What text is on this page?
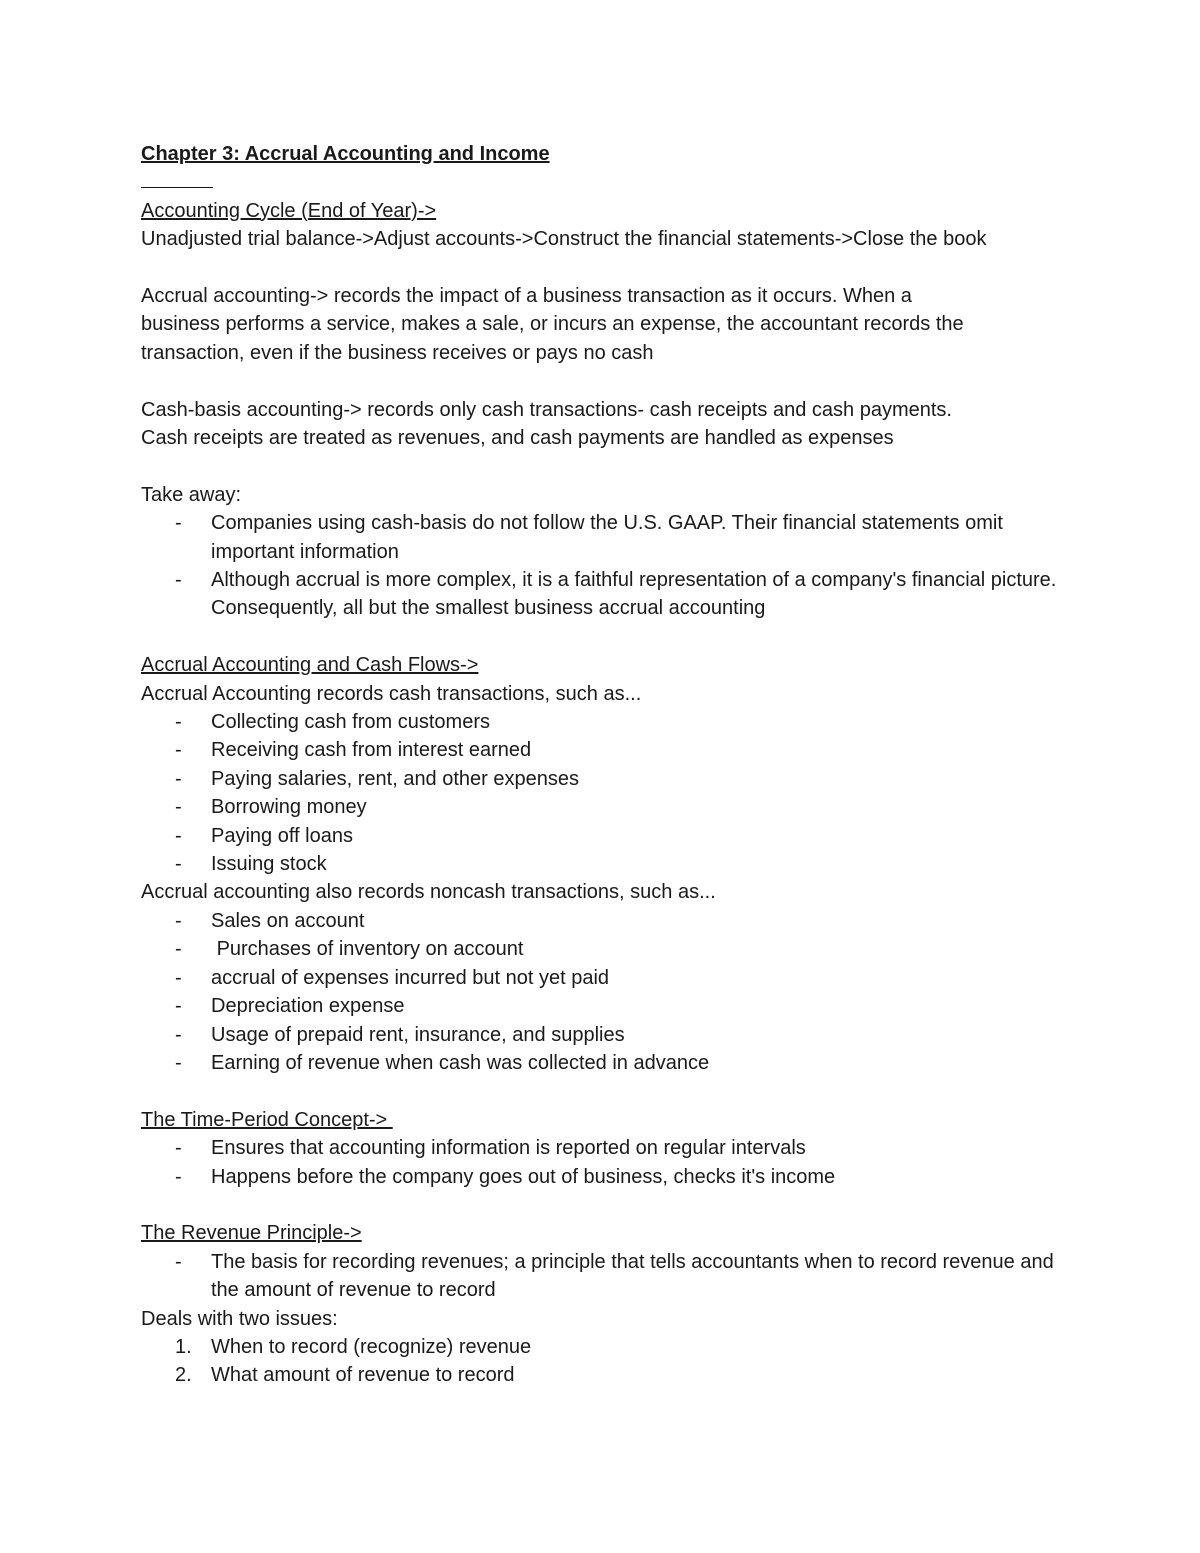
Chapter 3: Accrual Accounting and Income

Accounting Cycle (End of Year)->

Unadjusted trial balance->Adjust accounts->Construct the financial statements->Close the book

Accrual accounting-> records the impact of a business transaction as it occurs. When a

business performs a service, makes a sale, or incurs an expense, the accountant records the

transaction, even if the business receives or pays no cash

Cash-basis accounting-> records only cash transactions- cash receipts and cash payments.

Cash receipts are treated as revenues, and cash payments are handled as expenses

Take away:

- Companies using cash-basis do not follow the U.S. GAAP. Their financial statements omit important information
- Although accrual is more complex, it is a faithful representation of a company's financial picture. Consequently, all but the smallest business accrual accounting

Accrual Accounting and Cash Flows->

Accrual Accounting records cash transactions, such as...

- Collecting cash from customers
- Receiving cash from interest earned
- Paying salaries, rent, and other expenses
- Borrowing money
- Paying off loans
- Issuing stock

Accrual accounting also records noncash transactions, such as...

- Sales on account
- Purchases of inventory on account
- accrual of expenses incurred but not yet paid
- Depreciation expense
- Usage of prepaid rent, insurance, and supplies
- Earning of revenue when cash was collected in advance

The Time-Period Concept->

- Ensures that accounting information is reported on regular intervals
- Happens before the company goes out of business, checks it's income

The Revenue Principle->

- The basis for recording revenues; a principle that tells accountants when to record revenue and the amount of revenue to record

Deals with two issues:

1. When to record (recognize) revenue
2. What amount of revenue to record
